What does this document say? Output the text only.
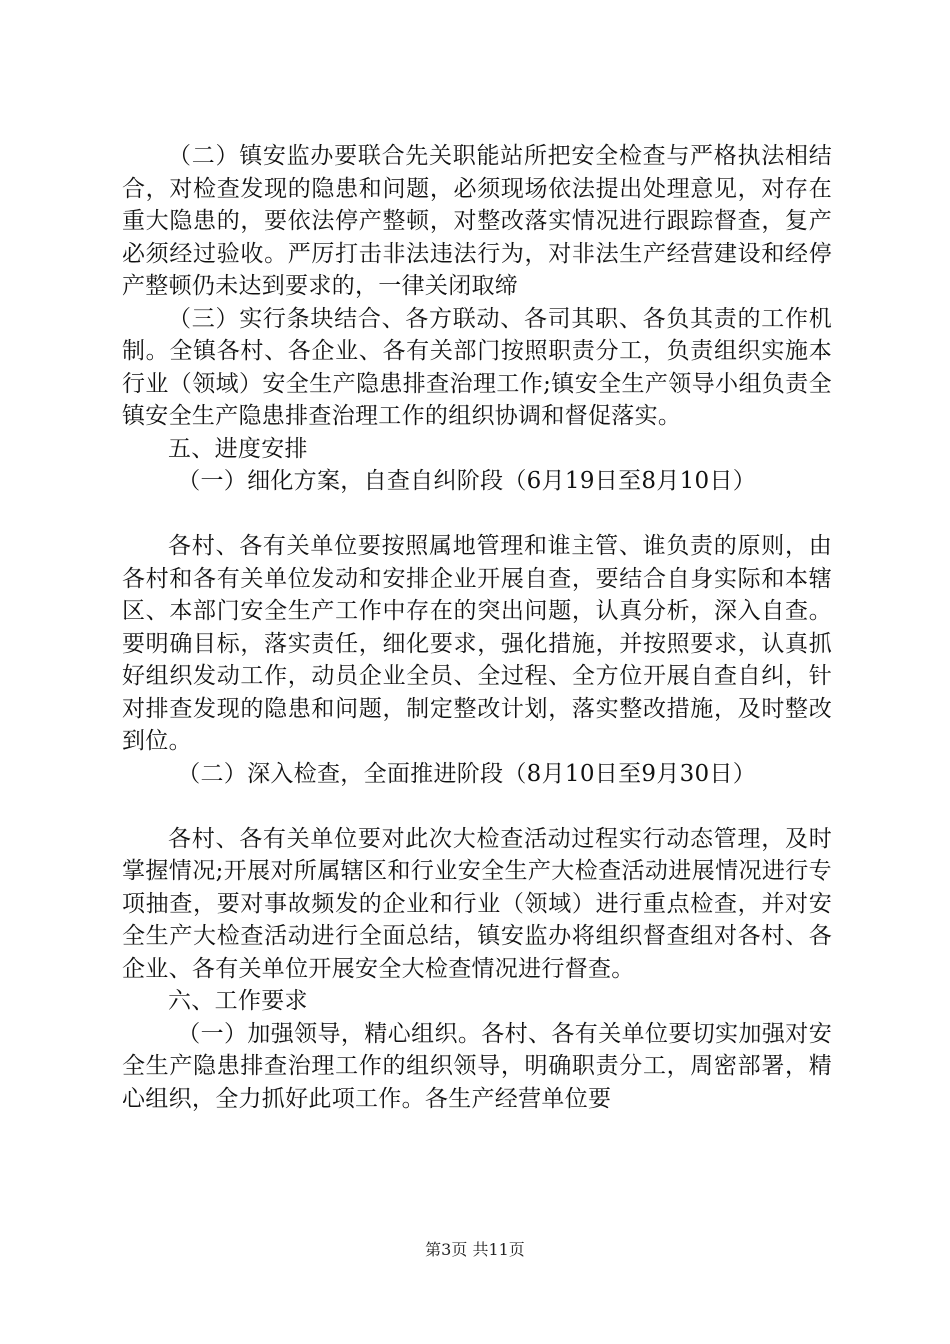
（二）镇安监办要联合先关职能站所把安全检查与严格执法相结合，对检查发现的隐患和问题，必须现场依法提出处理意见，对存在重大隐患的，要依法停产整顿，对整改落实情况进行跟踪督查，复产必须经过验收。严厉打击非法违法行为，对非法生产经营建设和经停产整顿仍未达到要求的，一律关闭取缔

（三）实行条块结合、各方联动、各司其职、各负其责的工作机制。全镇各村、各企业、各有关部门按照职责分工，负责组织实施本行业（领域）安全生产隐患排查治理工作;镇安全生产领导小组负责全镇安全生产隐患排查治理工作的组织协调和督促落实。

五、进度安排

（一）细化方案，自查自纠阶段（6月19日至8月10日）

各村、各有关单位要按照属地管理和谁主管、谁负责的原则，由各村和各有关单位发动和安排企业开展自查，要结合自身实际和本辖区、本部门安全生产工作中存在的突出问题，认真分析，深入自查。要明确目标，落实责任，细化要求，强化措施，并按照要求，认真抓好组织发动工作，动员企业全员、全过程、全方位开展自查自纠，针对排查发现的隐患和问题，制定整改计划，落实整改措施，及时整改到位。

（二）深入检查，全面推进阶段（8月10日至9月30日）

各村、各有关单位要对此次大检查活动过程实行动态管理，及时掌握情况;开展对所属辖区和行业安全生产大检查活动进展情况进行专项抽查，要对事故频发的企业和行业（领域）进行重点检查，并对安全生产大检查活动进行全面总结，镇安监办将组织督查组对各村、各企业、各有关单位开展安全大检查情况进行督查。

六、工作要求

（一）加强领导，精心组织。各村、各有关单位要切实加强对安全生产隐患排查治理工作的组织领导，明确职责分工，周密部署，精心组织，全力抓好此项工作。各生产经营单位要

第3页 共11页
